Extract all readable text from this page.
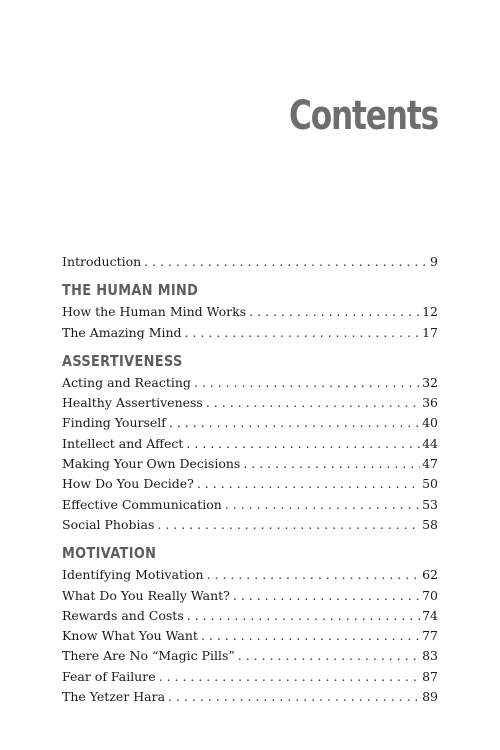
Contents
Introduction . . .	9
THE HUMAN MIND
How the Human Mind Works . . .	12
The Amazing Mind . . .	17
ASSERTIVENESS
Acting and Reacting . . .	32
Healthy Assertiveness . . .	36
Finding Yourself . . .	40
Intellect and Affect . . .	44
Making Your Own Decisions . . .	47
How Do You Decide? . . .	50
Effective Communication . . .	53
Social Phobias . . .	58
MOTIVATION
Identifying Motivation . . .	62
What Do You Really Want? . . .	70
Rewards and Costs . . .	74
Know What You Want . . .	77
There Are No “Magic Pills” . . .	83
Fear of Failure . . .	87
The Yetzer Hara . . .	89
